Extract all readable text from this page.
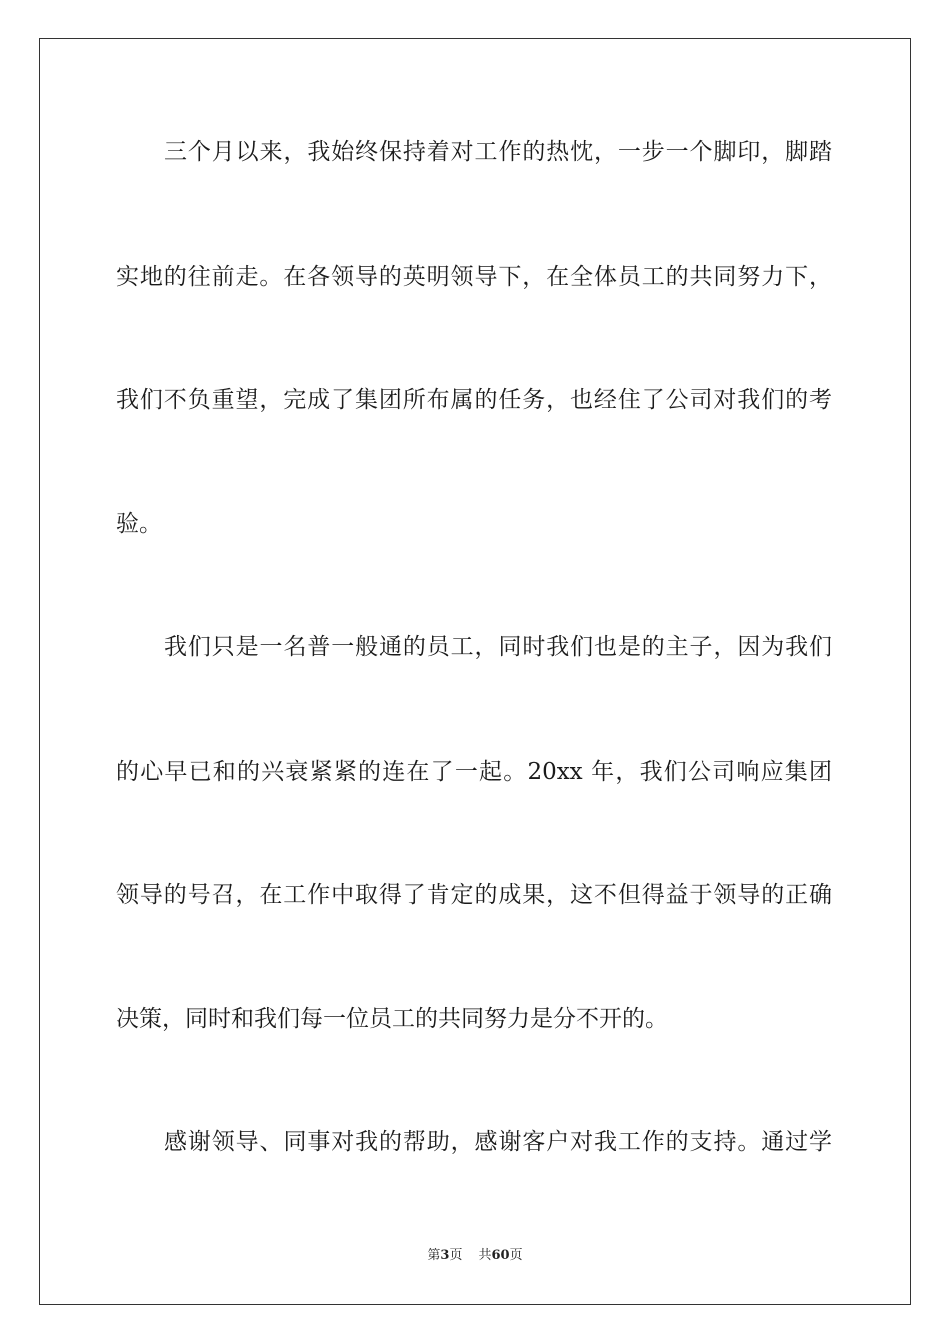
三个月以来，我始终保持着对工作的热忱，一步一个脚印，脚踏
实地的往前走。在各领导的英明领导下，在全体员工的共同努力下，
我们不负重望，完成了集团所布属的任务，也经住了公司对我们的考
验。
我们只是一名普一般通的员工，同时我们也是的主子，因为我们
的心早已和的兴衰紧紧的连在了一起。20xx 年，我们公司响应集团
领导的号召，在工作中取得了肯定的成果，这不但得益于领导的正确
决策，同时和我们每一位员工的共同努力是分不开的。
感谢领导、同事对我的帮助，感谢客户对我工作的支持。通过学
第3页 共60页
